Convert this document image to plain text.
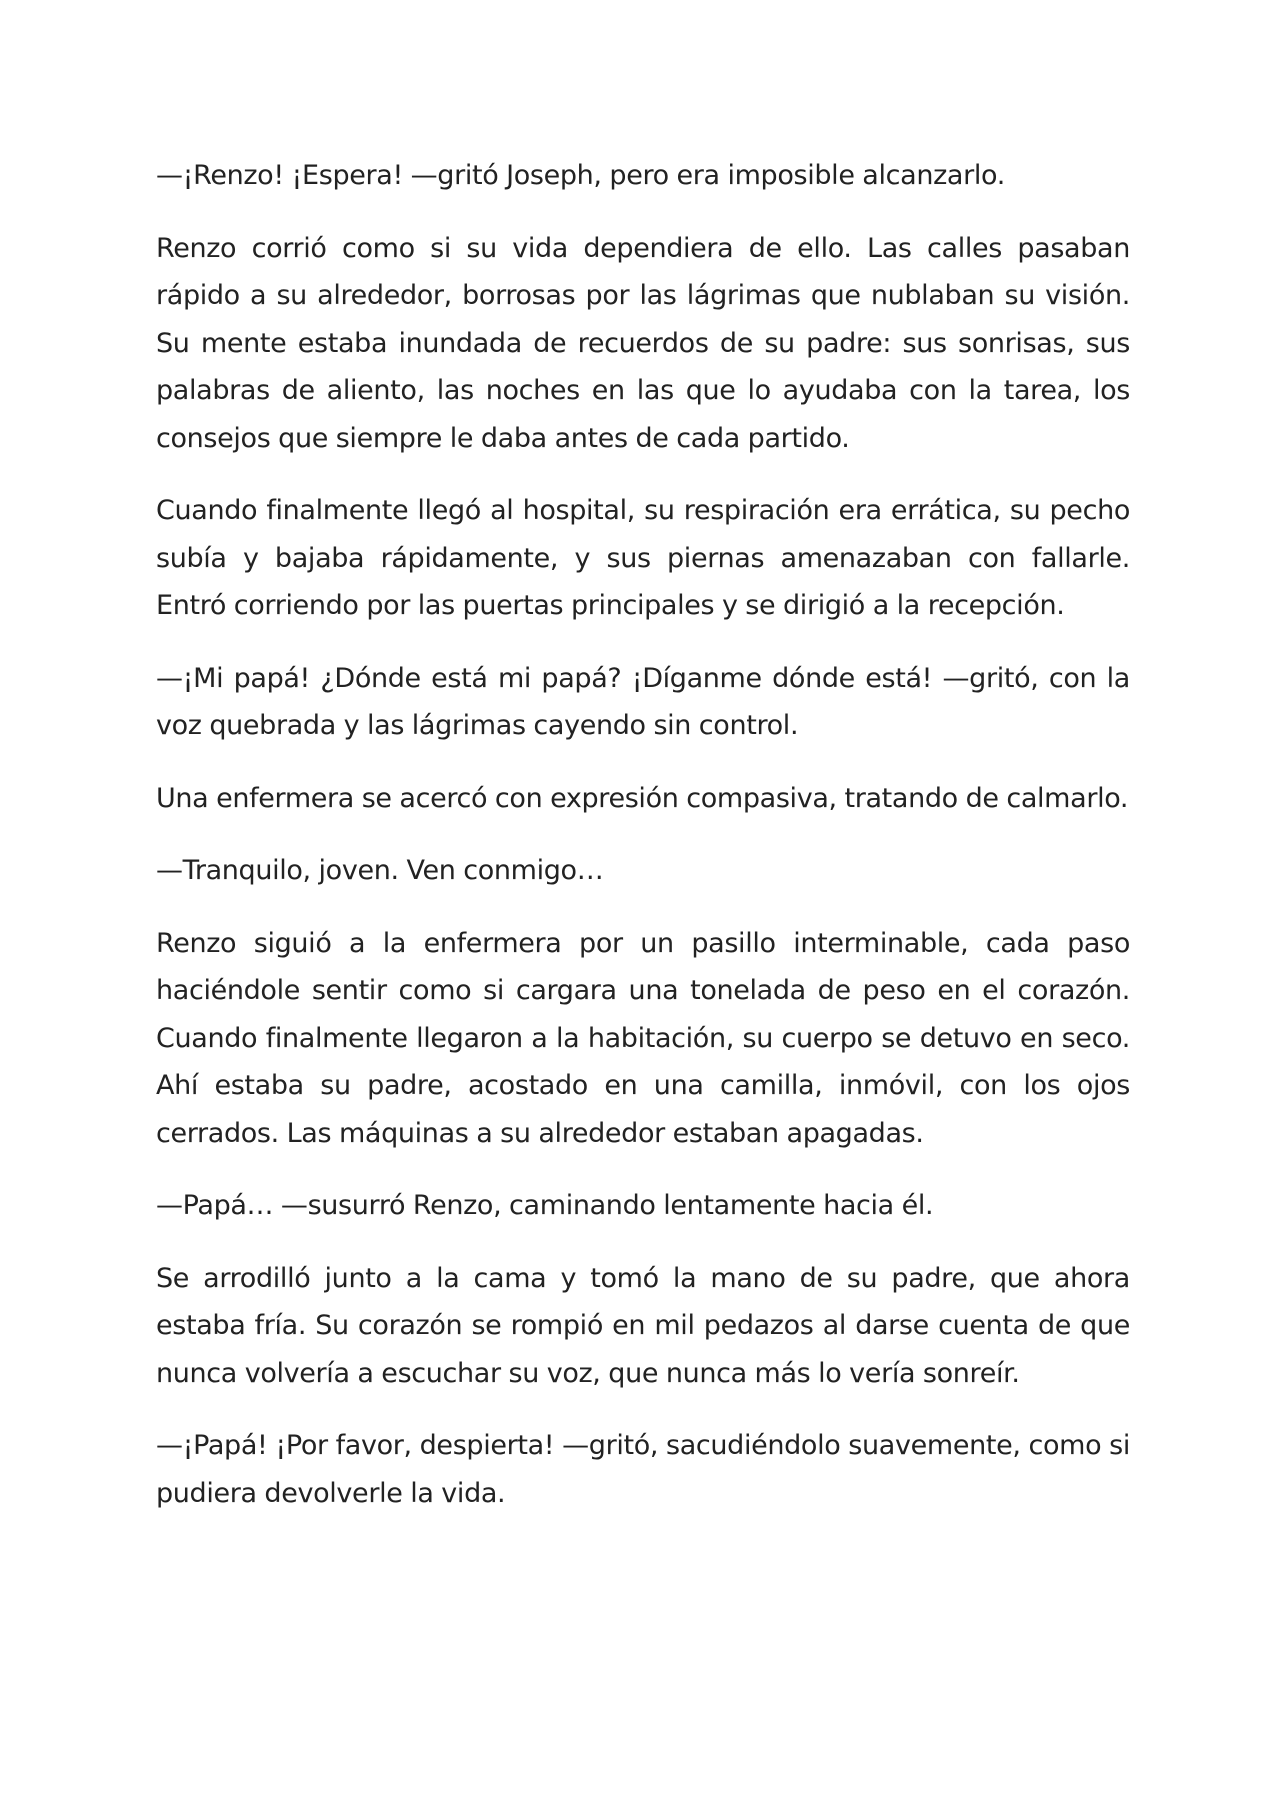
—¡Renzo! ¡Espera! —gritó Joseph, pero era imposible alcanzarlo.

Renzo corrió como si su vida dependiera de ello. Las calles pasaban rápido a su alrededor, borrosas por las lágrimas que nublaban su visión. Su mente estaba inundada de recuerdos de su padre: sus sonrisas, sus palabras de aliento, las noches en las que lo ayudaba con la tarea, los consejos que siempre le daba antes de cada partido.

Cuando finalmente llegó al hospital, su respiración era errática, su pecho subía y bajaba rápidamente, y sus piernas amenazaban con fallarle. Entró corriendo por las puertas principales y se dirigió a la recepción.

—¡Mi papá! ¿Dónde está mi papá? ¡Díganme dónde está! —gritó, con la voz quebrada y las lágrimas cayendo sin control.

Una enfermera se acercó con expresión compasiva, tratando de calmarlo.

—Tranquilo, joven. Ven conmigo…

Renzo siguió a la enfermera por un pasillo interminable, cada paso haciéndole sentir como si cargara una tonelada de peso en el corazón. Cuando finalmente llegaron a la habitación, su cuerpo se detuvo en seco. Ahí estaba su padre, acostado en una camilla, inmóvil, con los ojos cerrados. Las máquinas a su alrededor estaban apagadas.

—Papá… —susurró Renzo, caminando lentamente hacia él.

Se arrodilló junto a la cama y tomó la mano de su padre, que ahora estaba fría. Su corazón se rompió en mil pedazos al darse cuenta de que nunca volvería a escuchar su voz, que nunca más lo vería sonreír.

—¡Papá! ¡Por favor, despierta! —gritó, sacudiéndolo suavemente, como si pudiera devolverle la vida.
